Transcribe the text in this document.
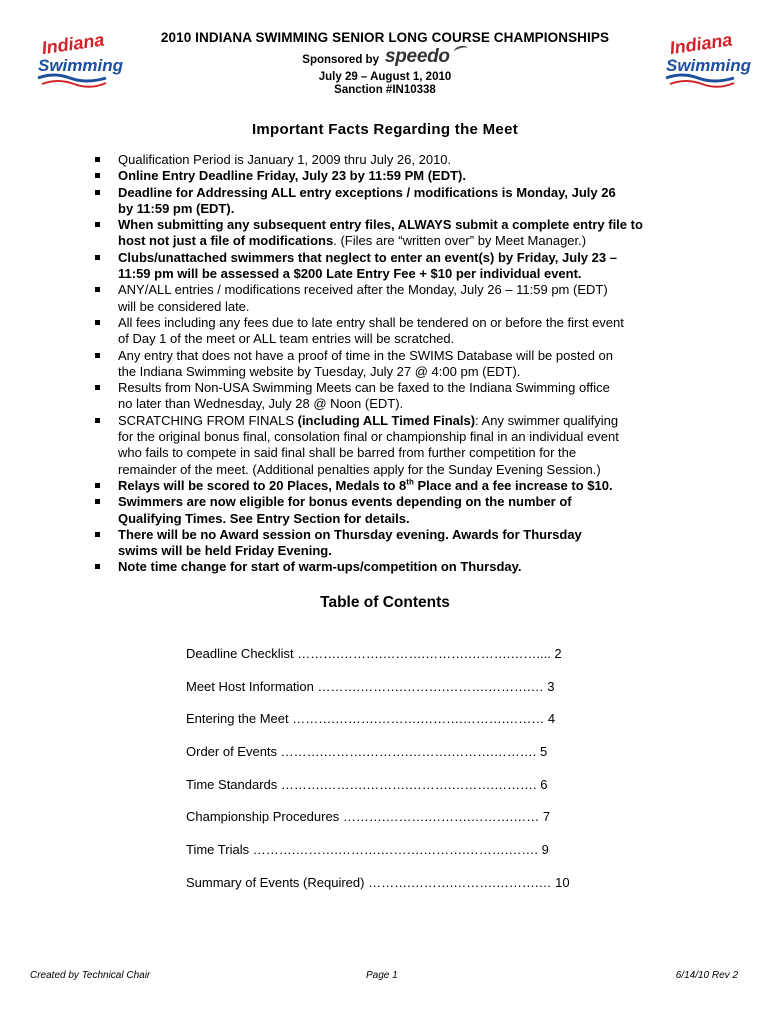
Indiana
Swimming
Indiana
Swimming
2010 INDIANA SWIMMING SENIOR LONG COURSE CHAMPIONSHIPS
Sponsored by speedo
July 29 – August 1, 2010
Sanction #IN10338
Important Facts Regarding the Meet
Qualification Period is January 1, 2009 thru July 26, 2010.
Online Entry Deadline Friday, July 23 by 11:59 PM (EDT).
Deadline for Addressing ALL entry exceptions / modifications is Monday, July 26
by 11:59 pm (EDT).
When submitting any subsequent entry files, ALWAYS submit a complete entry file to
host not just a file of modifications. (Files are “written over” by Meet Manager.)
Clubs/unattached swimmers that neglect to enter an event(s) by Friday, July 23 –
11:59 pm will be assessed a $200 Late Entry Fee + $10 per individual event.
ANY/ALL entries / modifications received after the Monday, July 26 – 11:59 pm (EDT)
will be considered late.
All fees including any fees due to late entry shall be tendered on or before the first event
of Day 1 of the meet or ALL team entries will be scratched.
Any entry that does not have a proof of time in the SWIMS Database will be posted on
the Indiana Swimming website by Tuesday, July 27 @ 4:00 pm (EDT).
Results from Non-USA Swimming Meets can be faxed to the Indiana Swimming office
no later than Wednesday, July 28 @ Noon (EDT).
SCRATCHING FROM FINALS (including ALL Timed Finals): Any swimmer qualifying
for the original bonus final, consolation final or championship final in an individual event
who fails to compete in said final shall be barred from further competition for the
remainder of the meet. (Additional penalties apply for the Sunday Evening Session.)
Relays will be scored to 20 Places, Medals to 8th Place and a fee increase to $10.
Swimmers are now eligible for bonus events depending on the number of
Qualifying Times. See Entry Section for details.
There will be no Award session on Thursday evening. Awards for Thursday
swims will be held Friday Evening.
Note time change for start of warm-ups/competition on Thursday.
Table of Contents
Deadline Checklist ……….……….……….……….……….…….... 2
Meet Host Information ……….……….……….……….……….… 3
Entering the Meet ……….……….……….……….……….……… 4
Order of Events ……….……….……….……….……….………. 5
Time Standards ……….……….……….……….……….………. 6
Championship Procedures ……….……….……….……….…… 7
Time Trials ……….……….……….……….……….……….……. 9
Summary of Events (Required) ……….……….……….……….… 10
Created by Technical Chair	Page 1	6/14/10 Rev 2
